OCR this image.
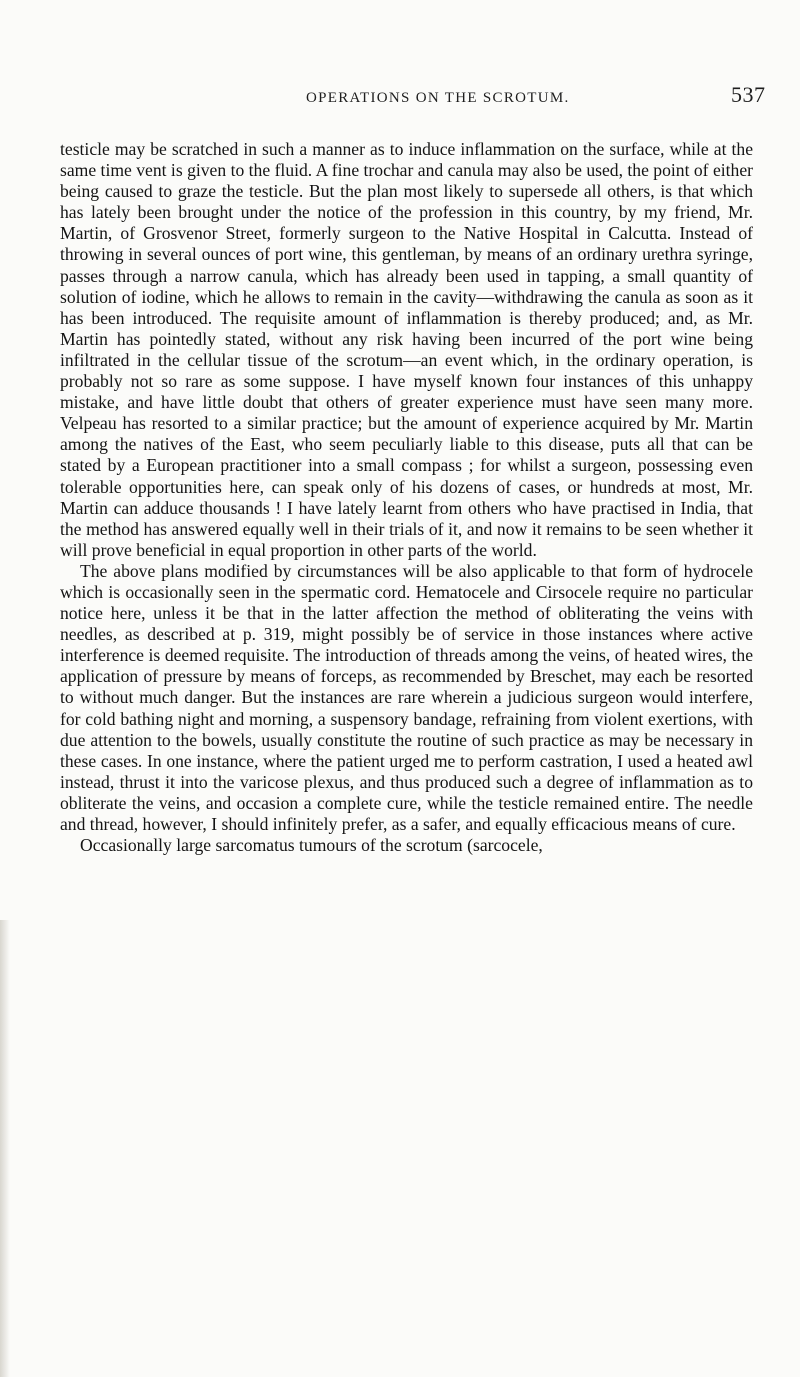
OPERATIONS ON THE SCROTUM.	537

testicle may be scratched in such a manner as to induce inflammation on the surface, while at the same time vent is given to the fluid. A fine trochar and canula may also be used, the point of either being caused to graze the testicle. But the plan most likely to supersede all others, is that which has lately been brought under the notice of the profession in this country, by my friend, Mr. Martin, of Grosvenor Street, formerly surgeon to the Native Hospital in Calcutta. Instead of throwing in several ounces of port wine, this gentleman, by means of an ordinary urethra syringe, passes through a narrow canula, which has already been used in tapping, a small quantity of solution of iodine, which he allows to remain in the cavity—withdrawing the canula as soon as it has been introduced. The requisite amount of inflammation is thereby produced; and, as Mr. Martin has pointedly stated, without any risk having been incurred of the port wine being infiltrated in the cellular tissue of the scrotum—an event which, in the ordinary operation, is probably not so rare as some suppose. I have myself known four instances of this unhappy mistake, and have little doubt that others of greater experience must have seen many more. Velpeau has resorted to a similar practice; but the amount of experience acquired by Mr. Martin among the natives of the East, who seem peculiarly liable to this disease, puts all that can be stated by a European practitioner into a small compass ; for whilst a surgeon, possessing even tolerable opportunities here, can speak only of his dozens of cases, or hundreds at most, Mr. Martin can adduce thousands ! I have lately learnt from others who have practised in India, that the method has answered equally well in their trials of it, and now it remains to be seen whether it will prove beneficial in equal proportion in other parts of the world.

The above plans modified by circumstances will be also applicable to that form of hydrocele which is occasionally seen in the spermatic cord. Hematocele and Cirsocele require no particular notice here, unless it be that in the latter affection the method of obliterating the veins with needles, as described at p. 319, might possibly be of service in those instances where active interference is deemed requisite. The introduction of threads among the veins, of heated wires, the application of pressure by means of forceps, as recommended by Breschet, may each be resorted to without much danger. But the instances are rare wherein a judicious surgeon would interfere, for cold bathing night and morning, a suspensory bandage, refraining from violent exertions, with due attention to the bowels, usually constitute the routine of such practice as may be necessary in these cases. In one instance, where the patient urged me to perform castration, I used a heated awl instead, thrust it into the varicose plexus, and thus produced such a degree of inflammation as to obliterate the veins, and occasion a complete cure, while the testicle remained entire. The needle and thread, however, I should infinitely prefer, as a safer, and equally efficacious means of cure.

Occasionally large sarcomatus tumours of the scrotum (sarcocele,
